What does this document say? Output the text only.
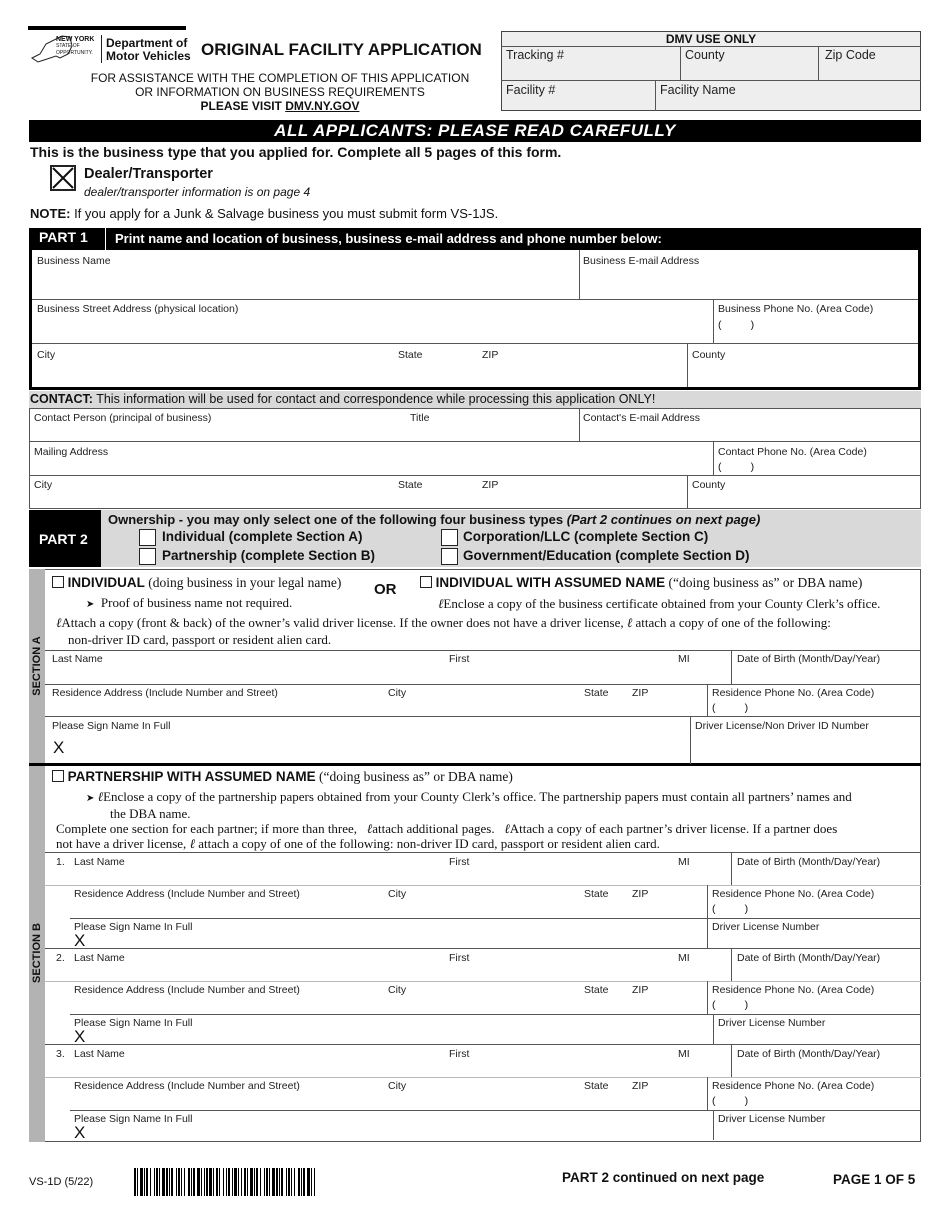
NEW YORK
STATE OF
OPPORTUNITY.
Department of
Motor Vehicles ORIGINAL FACILITY APPLICATION
FOR ASSISTANCE WITH THE COMPLETION OF THIS APPLICATION
OR INFORMATION ON BUSINESS REQUIREMENTS
PLEASE VISIT DMV.NY.GOV
DMV USE ONLY
Tracking #	County	Zip Code
Facility #	Facility Name
ALL APPLICANTS: PLEASE READ CAREFULLY
This is the business type that you applied for. Complete all 5 pages of this form.
Dealer/Transporter
dealer/transporter information is on page 4
NOTE: If you apply for a Junk & Salvage business you must submit form VS-1JS.
PART 1 Print name and location of business, business e-mail address and phone number below:
Business Name	Business E-mail Address
Business Street Address (physical location)	Business Phone No. (Area Code)
(          )
City	State	ZIP	County
CONTACT: This information will be used for contact and correspondence while processing this application ONLY!
Contact Person (principal of business)	Title	Contact's E-mail Address
Mailing Address	Contact Phone No. (Area Code)
(          )
City	State	ZIP	County
PART 2
Ownership - you may only select one of the following four business types (Part 2 continues on next page)
Individual (complete Section A)
Partnership (complete Section B)
Corporation/LLC (complete Section C)
Government/Education (complete Section D)
SECTION A
INDIVIDUAL (doing business in your legal name) OR	INDIVIDUAL WITH ASSUMED NAME (“doing business as” or DBA name)
➤ Proof of business name not required.	ℓEnclose a copy of the business certificate obtained from your County Clerk’s office.
ℓAttach a copy (front & back) of the owner’s valid driver license. If the owner does not have a driver license, ℓ attach a copy of one of the following:
non-driver ID card, passport or resident alien card.
Last Name	First	MI	Date of Birth (Month/Day/Year)
Residence Address (Include Number and Street)	City	State ZIP	Residence Phone No. (Area Code)
(          )
Please Sign Name In Full
X
Driver License/Non Driver ID Number
SECTION B
PARTNERSHIP WITH ASSUMED NAME (“doing business as” or DBA name)
➤ ℓEnclose a copy of the partnership papers obtained from your County Clerk’s office. The partnership papers must contain all partners’ names and
the DBA name.
Complete one section for each partner; if more than three, ℓattach additional pages. ℓAttach a copy of each partner’s driver license. If a partner does
not have a driver license, ℓ attach a copy of one of the following: non-driver ID card, passport or resident alien card.
1. Last Name	First	MI	Date of Birth (Month/Day/Year)
Residence Address (Include Number and Street)	City	State ZIP	Residence Phone No. (Area Code)
(          )
Please Sign Name In Full
X
Driver License Number
2. Last Name	First	MI	Date of Birth (Month/Day/Year)
Residence Address (Include Number and Street)	City	State ZIP	Residence Phone No. (Area Code)
(          )
Please Sign Name In Full
X
Driver License Number
3. Last Name	First	MI	Date of Birth (Month/Day/Year)
Residence Address (Include Number and Street)	City	State ZIP	Residence Phone No. (Area Code)
(          )
Please Sign Name In Full
X
Driver License Number
VS-1D (5/22)	PART 2 continued on next page	PAGE 1 OF 5
